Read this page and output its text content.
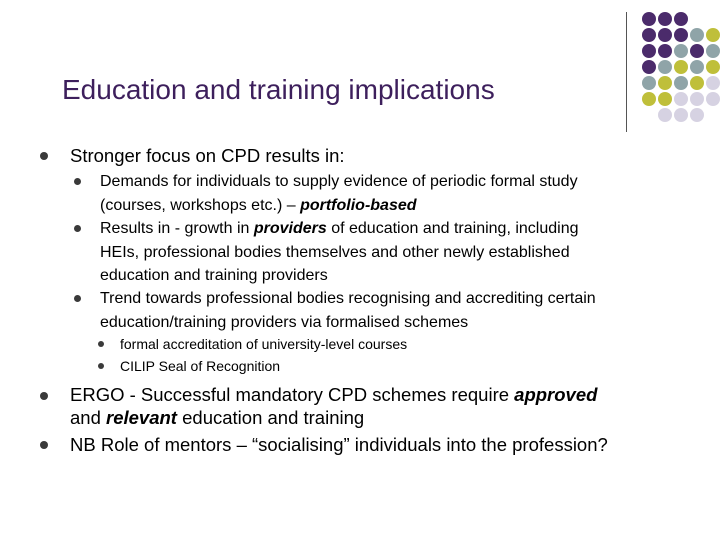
Education and training implications
Stronger focus on CPD results in:
Demands for individuals to supply evidence of periodic formal study
(courses, workshops etc.) – portfolio-based
Results in - growth in providers of education and training, including
HEIs, professional bodies themselves and other newly established
education and training providers
Trend towards professional bodies recognising and accrediting certain
education/training providers via formalised schemes
formal accreditation of university-level courses
CILIP Seal of Recognition
ERGO - Successful mandatory CPD schemes require approved
and relevant education and training
NB Role of mentors – “socialising” individuals into the profession?
